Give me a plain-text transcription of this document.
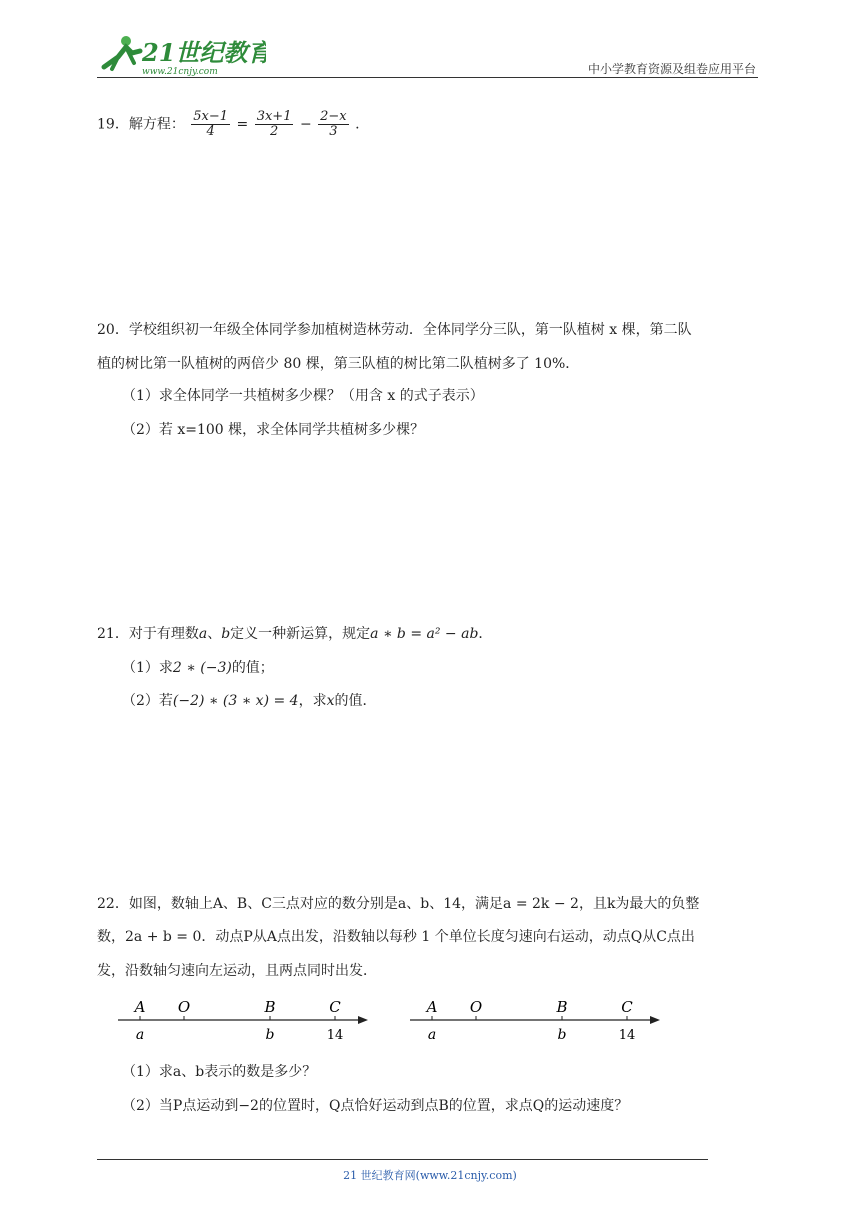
21世纪教育
www.21cnjy.com	中小学教育资源及组卷应用平台
19．解方程： $\frac{5x-1}{4} = \frac{3x+1}{2} - \frac{2-x}{3}$ .
20．学校组织初一年级全体同学参加植树造林劳动．全体同学分三队，第一队植树 x 棵，第二队
植的树比第一队植树的两倍少 80 棵，第三队植的树比第二队植树多了 10%．
（1）求全体同学一共植树多少棵？（用含 x 的式子表示）
（2）若 x=100 棵，求全体同学共植树多少棵？
21．对于有理数a、b定义一种新运算，规定a ∗ b = a² − ab．
（1）求2 ∗ (−3)的值；
（2）若(−2) ∗ (3 ∗ x) = 4，求x的值．
22．如图，数轴上A、B、C三点对应的数分别是a、b、14，满足a = 2k − 2，且k为最大的负整
数，2a + b = 0．动点P从A点出发，沿数轴以每秒 1 个单位长度匀速向右运动，动点Q从C点出
发，沿数轴匀速向左运动，且两点同时出发．
A O	B	C
a	b	14
A O	B	C
a	b	14
（1）求a、b表示的数是多少？
（2）当P点运动到−2的位置时，Q点恰好运动到点B的位置，求点Q的运动速度？
21 世纪教育网(www.21cnjy.com)
